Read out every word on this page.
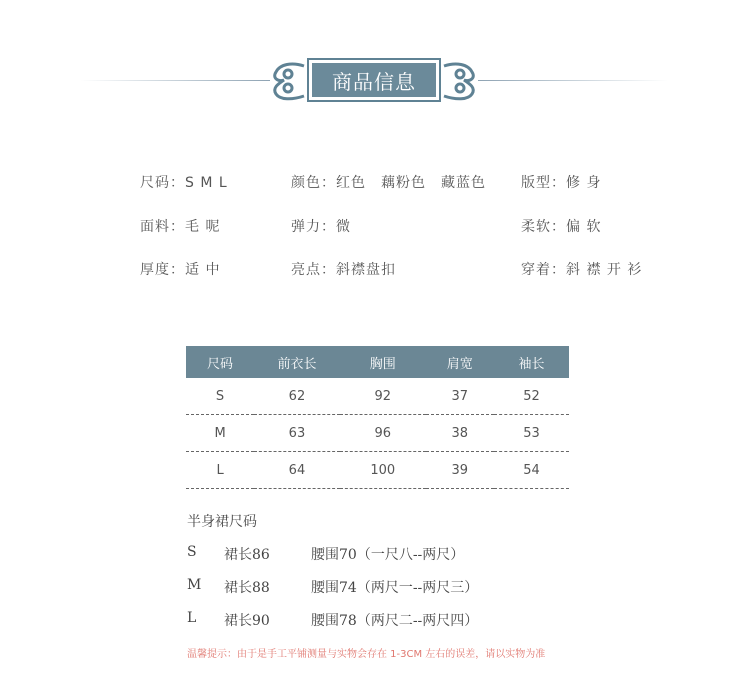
商品信息
尺码：S M L	颜色：红色　藕粉色　藏蓝色	版型：修 身
面料：毛 呢	弹力：微	柔软：偏 软
厚度：适 中	亮点：斜襟盘扣	穿着：斜 襟 开 衫
尺码	前衣长	胸围	肩宽	袖长
S	62	92	37	52
M	63	96	38	53
L	64	100	39	54
半身裙尺码
S 裙长86	腰围70（一尺八--两尺）
M 裙长88	腰围74（两尺一--两尺三）
L 裙长90	腰围78（两尺二--两尺四）
温馨提示：由于是手工平铺测量与实物会存在 1-3CM 左右的误差，请以实物为准
